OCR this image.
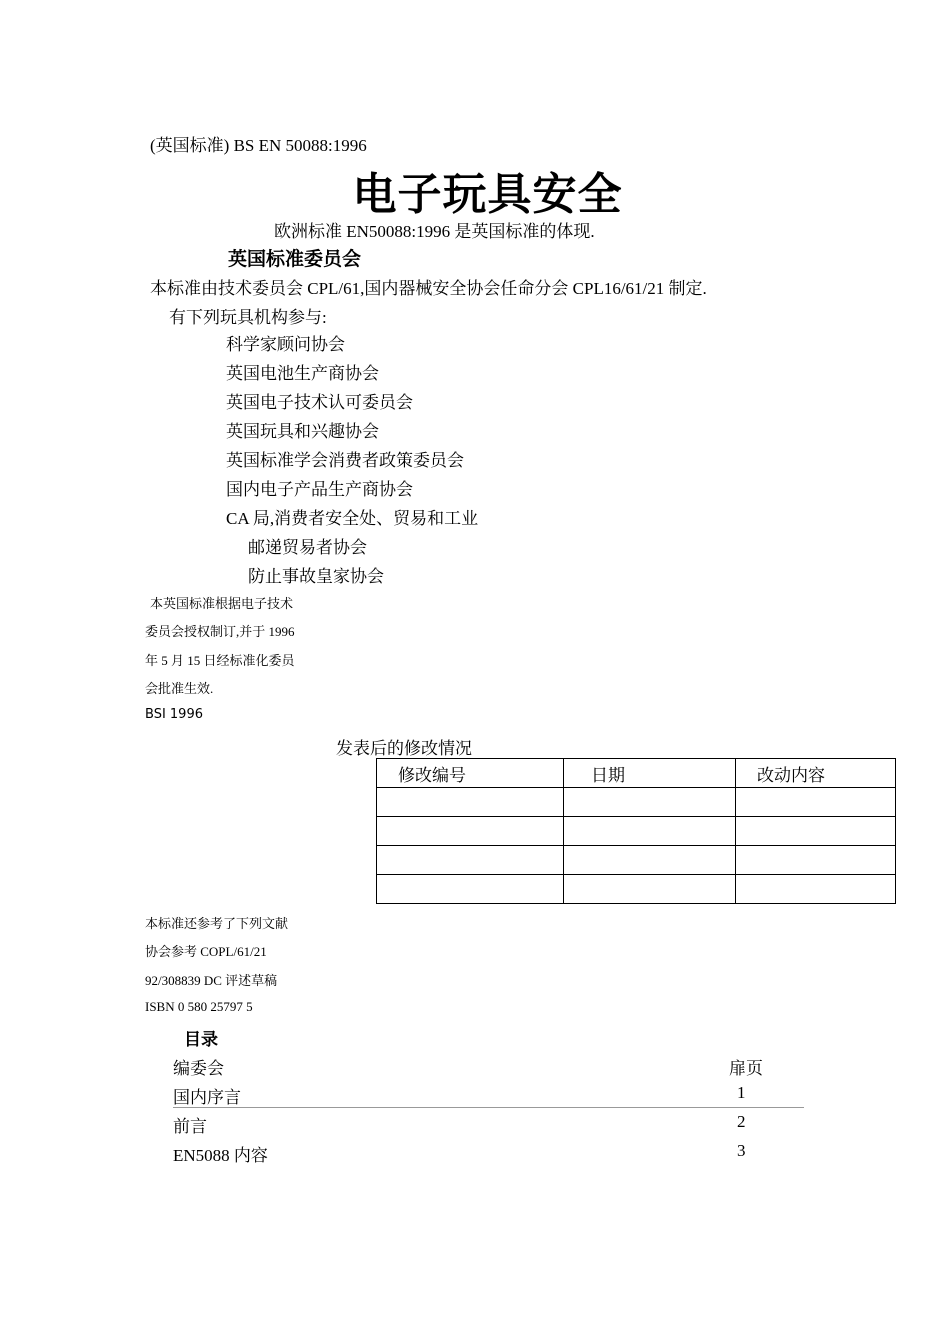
(英国标准) BS EN 50088:1996
电子玩具安全
欧洲标准 EN50088:1996 是英国标准的体现.
英国标准委员会
本标准由技术委员会 CPL/61,国内器械安全协会任命分会 CPL16/61/21 制定.
有下列玩具机构参与:
科学家顾问协会
英国电池生产商协会
英国电子技术认可委员会
英国玩具和兴趣协会
英国标准学会消费者政策委员会
国内电子产品生产商协会
CA 局,消费者安全处、贸易和工业
邮递贸易者协会
防止事故皇家协会
本英国标准根据电子技术
委员会授权制订,并于 1996
年 5 月 15 日经标准化委员
会批准生效.
BSI 1996
发表后的修改情况
修改编号	日期	改动内容

本标准还参考了下列文献
协会参考 COPL/61/21
92/308839 DC 评述草稿
ISBN 0 580 25797 5
目录
编委会	扉页
国内序言	1
前言	2
EN5088 内容	3
